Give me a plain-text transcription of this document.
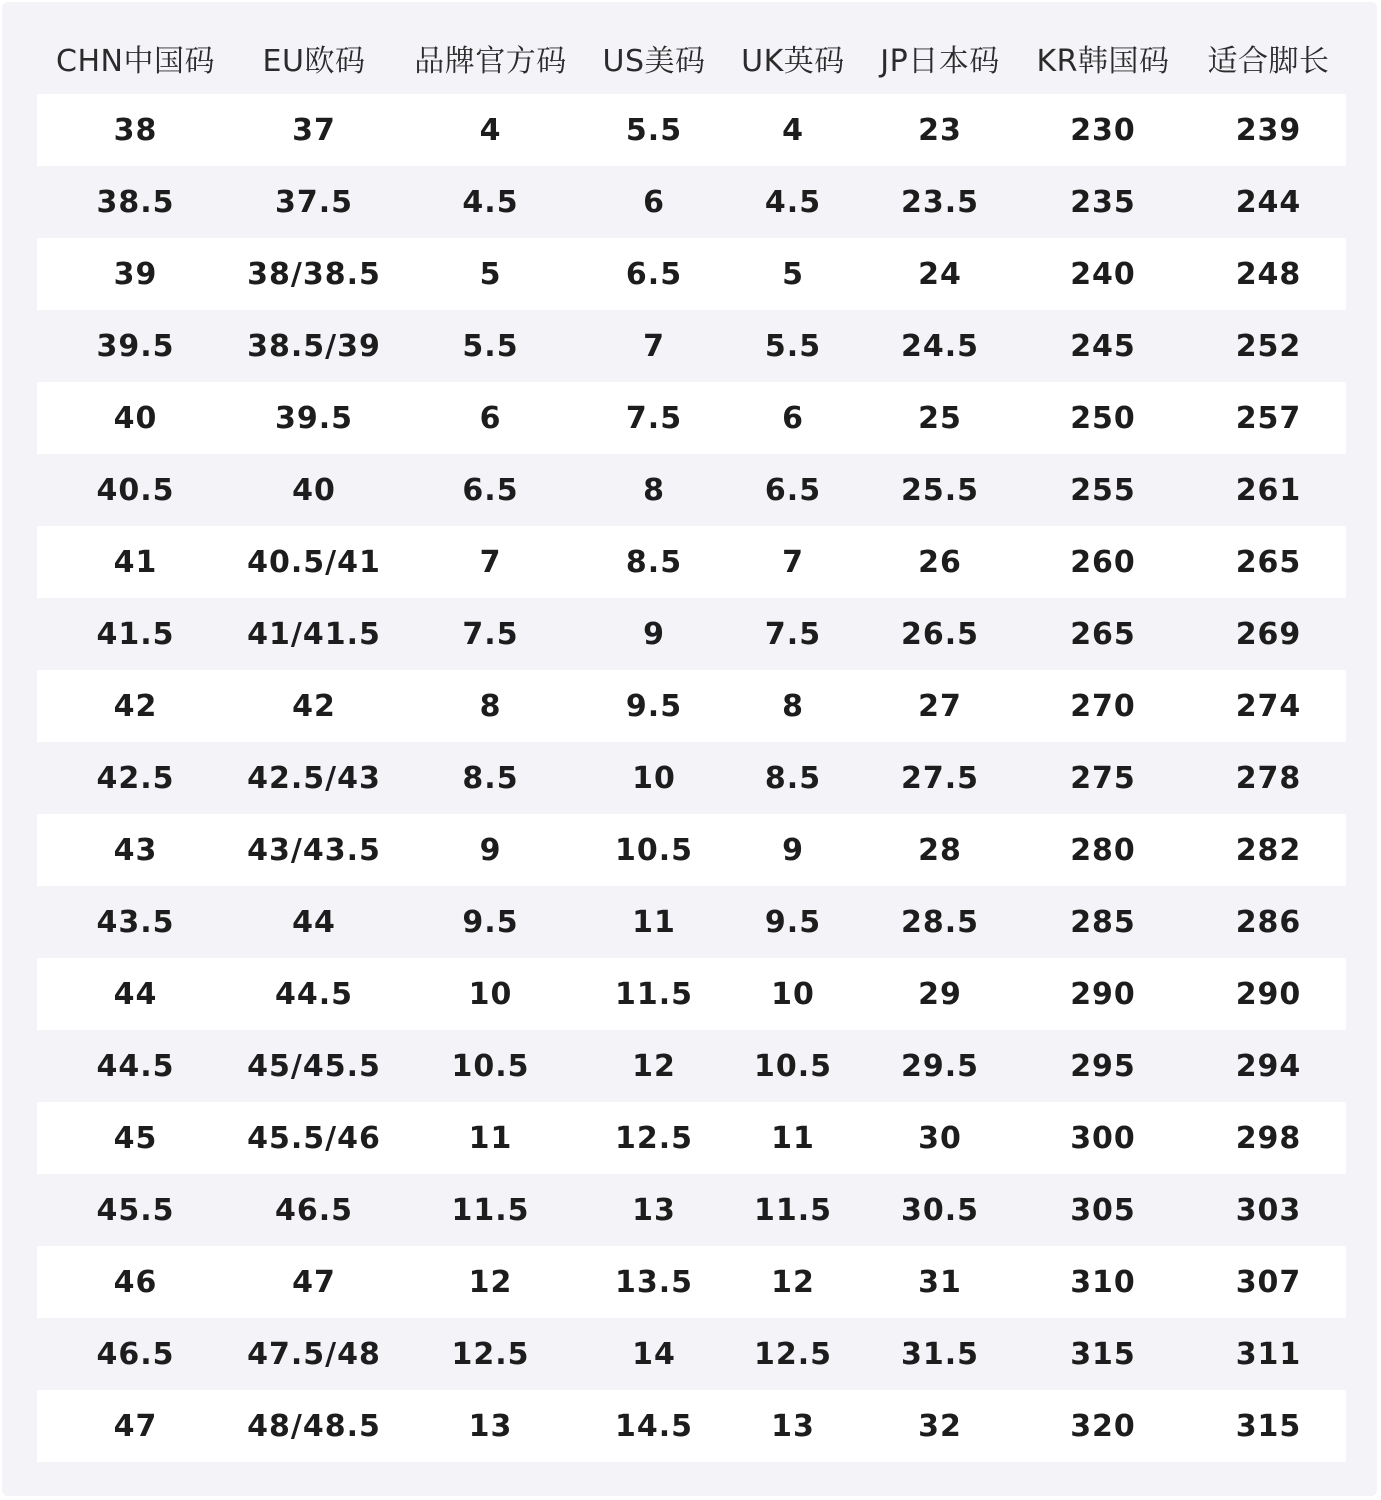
CHN中国码	EU欧码	品牌官方码	US美码	UK英码	JP日本码	KR韩国码	适合脚长
38	37	4	5.5	4	23	230	239
38.5	37.5	4.5	6	4.5	23.5	235	244
39	38/38.5	5	6.5	5	24	240	248
39.5	38.5/39	5.5	7	5.5	24.5	245	252
40	39.5	6	7.5	6	25	250	257
40.5	40	6.5	8	6.5	25.5	255	261
41	40.5/41	7	8.5	7	26	260	265
41.5	41/41.5	7.5	9	7.5	26.5	265	269
42	42	8	9.5	8	27	270	274
42.5	42.5/43	8.5	10	8.5	27.5	275	278
43	43/43.5	9	10.5	9	28	280	282
43.5	44	9.5	11	9.5	28.5	285	286
44	44.5	10	11.5	10	29	290	290
44.5	45/45.5	10.5	12	10.5	29.5	295	294
45	45.5/46	11	12.5	11	30	300	298
45.5	46.5	11.5	13	11.5	30.5	305	303
46	47	12	13.5	12	31	310	307
46.5	47.5/48	12.5	14	12.5	31.5	315	311
47	48/48.5	13	14.5	13	32	320	315
